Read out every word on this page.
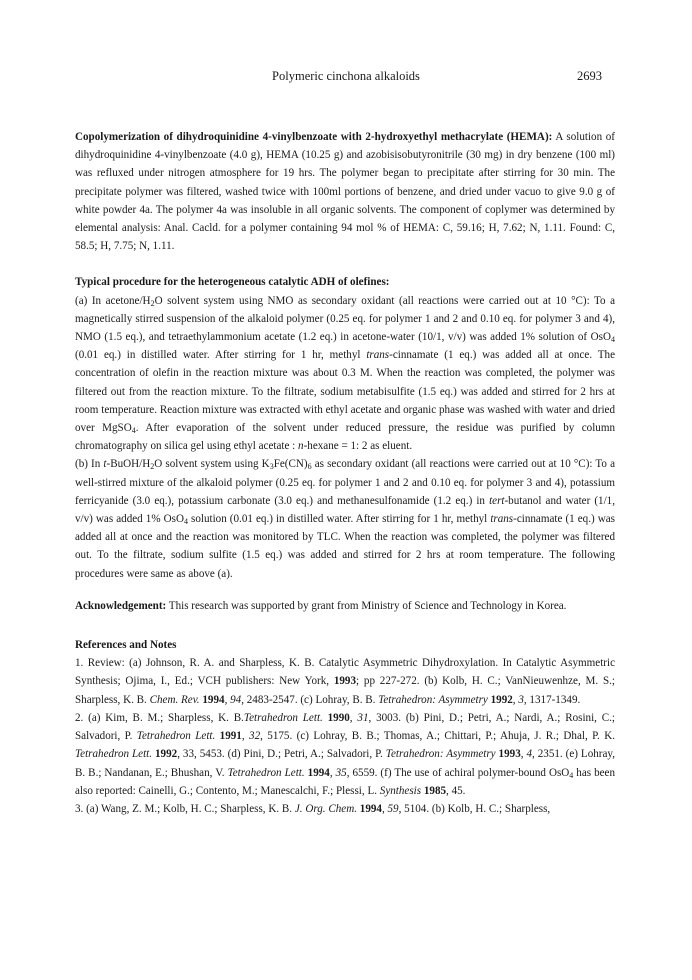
Polymeric cinchona alkaloids	2693

Copolymerization of dihydroquinidine 4-vinylbenzoate with 2-hydroxyethyl methacrylate (HEMA): A solution of dihydroquinidine 4-vinylbenzoate (4.0 g), HEMA (10.25 g) and azobisisobutyronitrile (30 mg) in dry benzene (100 ml) was refluxed under nitrogen atmosphere for 19 hrs. The polymer began to precipitate after stirring for 30 min. The precipitate polymer was filtered, washed twice with 100ml portions of benzene, and dried under vacuo to give 9.0 g of white powder 4a. The polymer 4a was insoluble in all organic solvents. The component of coplymer was determined by elemental analysis: Anal. Cacld. for a polymer containing 94 mol % of HEMA: C, 59.16; H, 7.62; N, 1.11. Found: C, 58.5; H, 7.75; N, 1.11.

Typical procedure for the heterogeneous catalytic ADH of olefines:

(a) In acetone/$H_2O$ solvent system using NMO as secondary oxidant (all reactions were carried out at 10 °C): To a magnetically stirred suspension of the alkaloid polymer (0.25 eq. for polymer 1 and 2 and 0.10 eq. for polymer 3 and 4), NMO (1.5 eq.), and tetraethylammonium acetate (1.2 eq.) in acetone-water (10/1, v/v) was added 1% solution of OsO$_4$ (0.01 eq.) in distilled water. After stirring for 1 hr, methyl trans-cinnamate (1 eq.) was added all at once. The concentration of olefin in the reaction mixture was about 0.3 M. When the reaction was completed, the polymer was filtered out from the reaction mixture. To the filtrate, sodium metabisulfite (1.5 eq.) was added and stirred for 2 hrs at room temperature. Reaction mixture was extracted with ethyl acetate and organic phase was washed with water and dried over MgSO$_4$. After evaporation of the solvent under reduced pressure, the residue was purified by column chromatography on silica gel using ethyl acetate : n-hexane = 1: 2 as eluent.

(b) In $t-BuOH/H_2O$ solvent system using $K_3Fe(CN)_6$ as secondary oxidant (all reactions were carried out at 10 °C): To a well-stirred mixture of the alkaloid polymer (0.25 eq. for polymer 1 and 2 and 0.10 eq. for polymer 3 and 4), potassium ferricyanide (3.0 eq.), potassium carbonate (3.0 eq.) and methanesulfonamide (1.2 eq.) in tert-butanol and water (1/1, v/v) was added 1% OsO$_4$ solution (0.01 eq.) in distilled water. After stirring for 1 hr, methyl trans-cinnamate (1 eq.) was added all at once and the reaction was monitored by TLC. When the reaction was completed, the polymer was filtered out. To the filtrate, sodium sulfite (1.5 eq.) was added and stirred for 2 hrs at room temperature. The following procedures were same as above (a).

Acknowledgement: This research was supported by grant from Ministry of Science and Technology in Korea.

References and Notes

1. Review: (a) Johnson, R. A. and Sharpless, K. B. Catalytic Asymmetric Dihydroxylation. In Catalytic Asymmetric Synthesis; Ojima, I., Ed.; VCH publishers: New York, 1993; pp 227-272. (b) Kolb, H. C.; VanNieuwenhze, M. S.; Sharpless, K. B. Chem. Rev. 1994, 94, 2483-2547. (c) Lohray, B. B. Tetrahedron: Asymmetry 1992, 3, 1317-1349.

2. (a) Kim, B. M.; Sharpless, K. B.Tetrahedron Lett. 1990, 31, 3003. (b) Pini, D.; Petri, A.; Nardi, A.; Rosini, C.; Salvadori, P. Tetrahedron Lett. 1991, 32, 5175. (c) Lohray, B. B.; Thomas, A.; Chittari, P.; Ahuja, J. R.; Dhal, P. K. Tetrahedron Lett. 1992, 33, 5453. (d) Pini, D.; Petri, A.; Salvadori, P. Tetrahedron: Asymmetry 1993, 4, 2351. (e) Lohray, B. B.; Nandanan, E.; Bhushan, V. Tetrahedron Lett. 1994, 35, 6559. (f) The use of achiral polymer-bound OsO$_4$ has been also reported: Cainelli, G.; Contento, M.; Manescalchi, F.; Plessi, L. Synthesis 1985, 45.

3. (a) Wang, Z. M.; Kolb, H. C.; Sharpless, K. B. J. Org. Chem. 1994, 59, 5104. (b) Kolb, H. C.; Sharpless,
